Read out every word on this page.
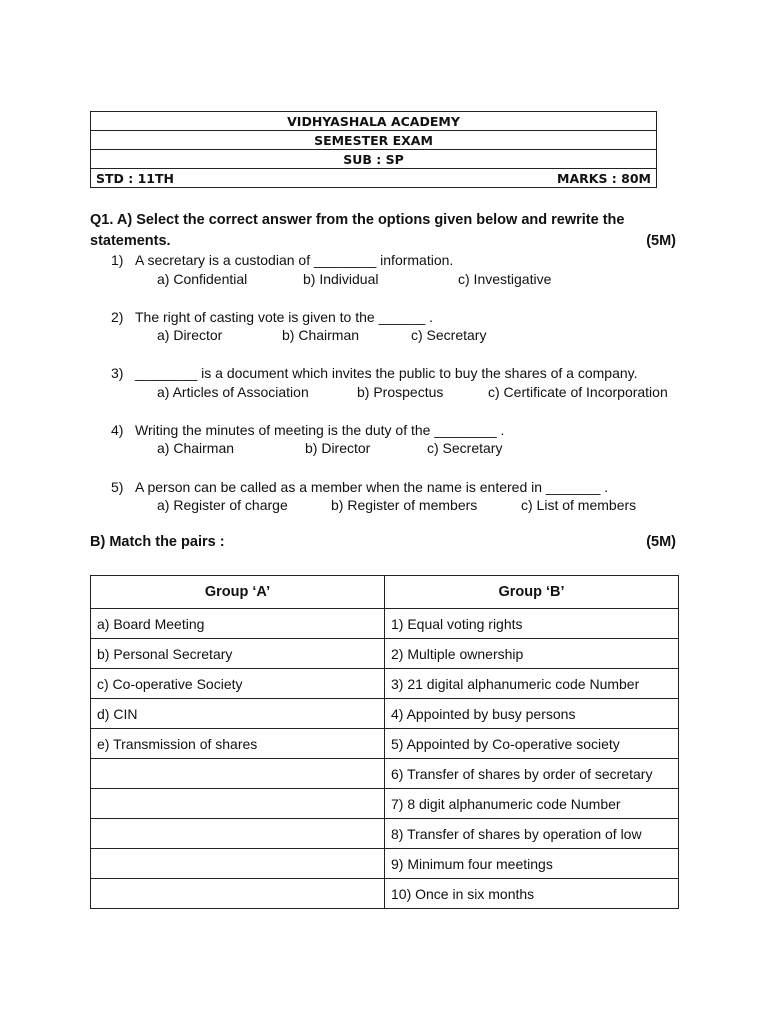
VIDHYASHALA ACADEMY
SEMESTER EXAM
SUB : SP
STD : 11TH	MARKS : 80M
Q1. A) Select the correct answer from the options given below and rewrite the statements.	(5M)
1) A secretary is a custodian of ________ information.
a) Confidential	b) Individual	c) Investigative
2) The right of casting vote is given to the ______ .
a) Director	b) Chairman	c) Secretary
3) ________ is a document which invites the public to buy the shares of a company.
a) Articles of Association	b) Prospectus	c) Certificate of Incorporation
4) Writing the minutes of meeting is the duty of the ________ .
a) Chairman	b) Director	c) Secretary
5) A person can be called as a member when the name is entered in _______ .
a) Register of charge	b) Register of members	c) List of members
B) Match the pairs :	(5M)
Group ‘A’	Group ‘B’
a) Board Meeting	1) Equal voting rights
b) Personal Secretary	2) Multiple ownership
c) Co-operative Society	3) 21 digital alphanumeric code Number
d) CIN	4) Appointed by busy persons
e) Transmission of shares	5) Appointed by Co-operative society
	6) Transfer of shares by order of secretary
	7) 8 digit alphanumeric code Number
	8) Transfer of shares by operation of low
	9) Minimum four meetings
	10) Once in six months
